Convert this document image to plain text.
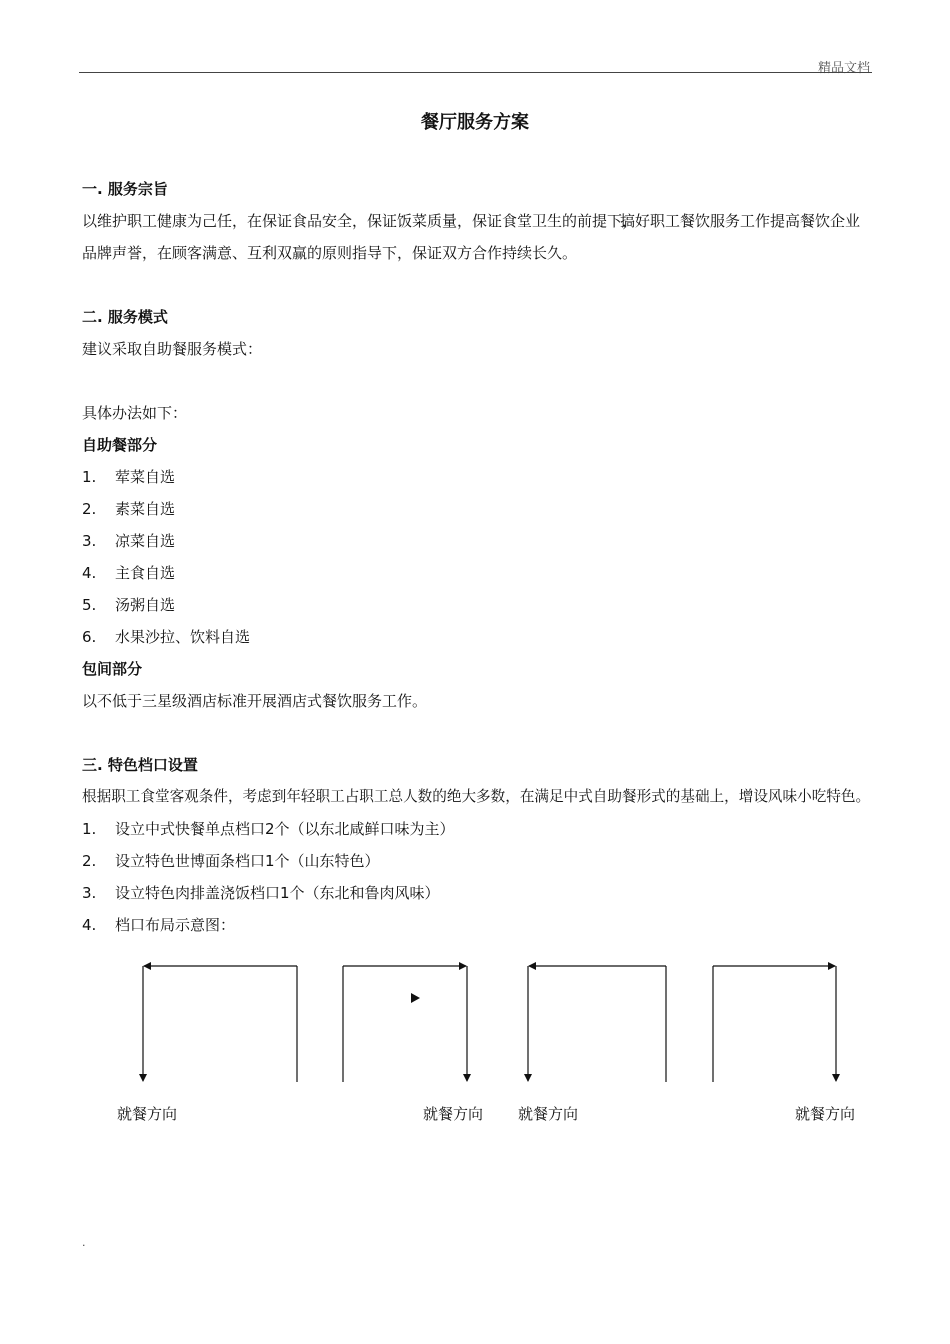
精品文档
餐厅服务方案
一. 服务宗旨
以维护职工健康为己任，在保证食品安全，保证饭菜质量，保证食堂卫生的前提下，
搞好职工餐饮服务工作提高餐饮企业
品牌声誉，在顾客满意、互利双赢的原则指导下，保证双方合作持续长久。
二. 服务模式
建议采取自助餐服务模式：
具体办法如下：
自助餐部分
1. 荤菜自选
2. 素菜自选
3. 凉菜自选
4. 主食自选
5. 汤粥自选
6. 水果沙拉、饮料自选
包间部分
以不低于三星级酒店标准开展酒店式餐饮服务工作。
三. 特色档口设置
根据职工食堂客观条件，考虑到年轻职工占职工总人数的绝大多数，在满足中式自助餐形式的基础上，增设风味小吃特色。
1. 设立中式快餐单点档口2个（以东北咸鲜口味为主）
2. 设立特色世博面条档口1个（山东特色）
3. 设立特色肉排盖浇饭档口1个（东北和鲁肉风味）
4. 档口布局示意图：
就餐方向	就餐方向 就餐方向	就餐方向
.
